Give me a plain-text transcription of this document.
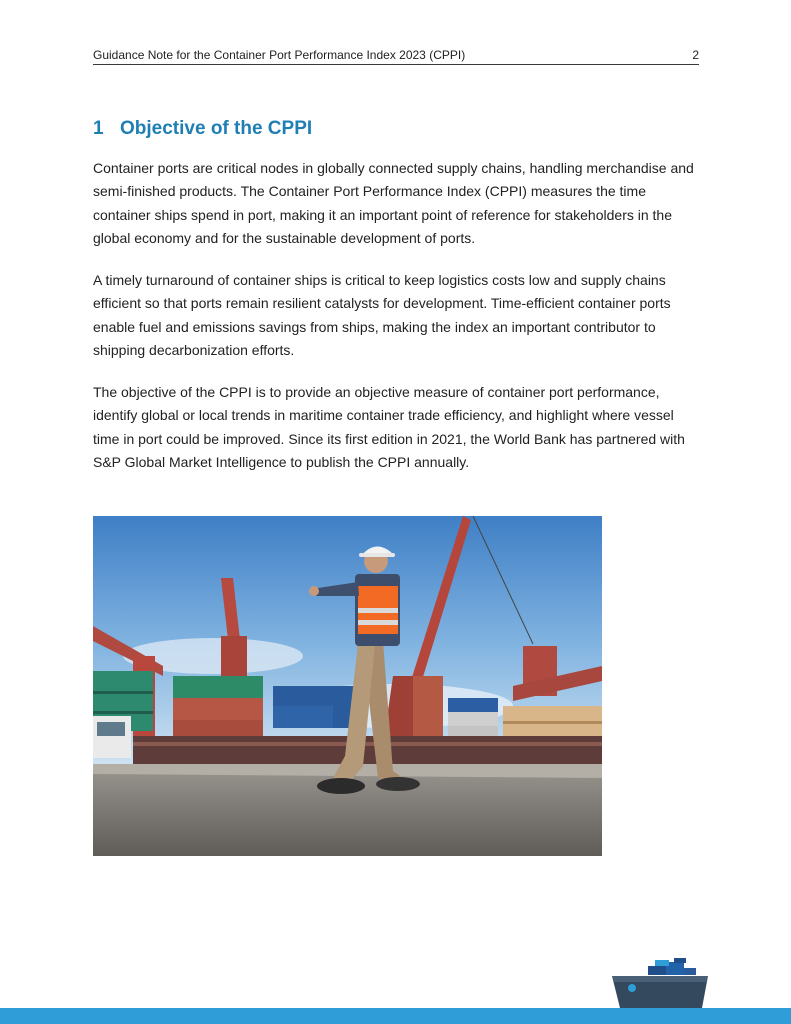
Guidance Note for the Container Port Performance Index 2023 (CPPI)	2
1 Objective of the CPPI

Container ports are critical nodes in globally connected supply chains, handling merchandise and semi-finished products. The Container Port Performance Index (CPPI) measures the time container ships spend in port, making it an important point of reference for stakeholders in the global economy and for the sustainable development of ports.

A timely turnaround of container ships is critical to keep logistics costs low and supply chains efficient so that ports remain resilient catalysts for development. Time-efficient container ports enable fuel and emissions savings from ships, making the index an important contributor to shipping decarbonization efforts.

The objective of the CPPI is to provide an objective measure of container port performance, identify global or local trends in maritime container trade efficiency, and highlight where vessel time in port could be improved. Since its first edition in 2021, the World Bank has partnered with S&P Global Market Intelligence to publish the CPPI annually.
